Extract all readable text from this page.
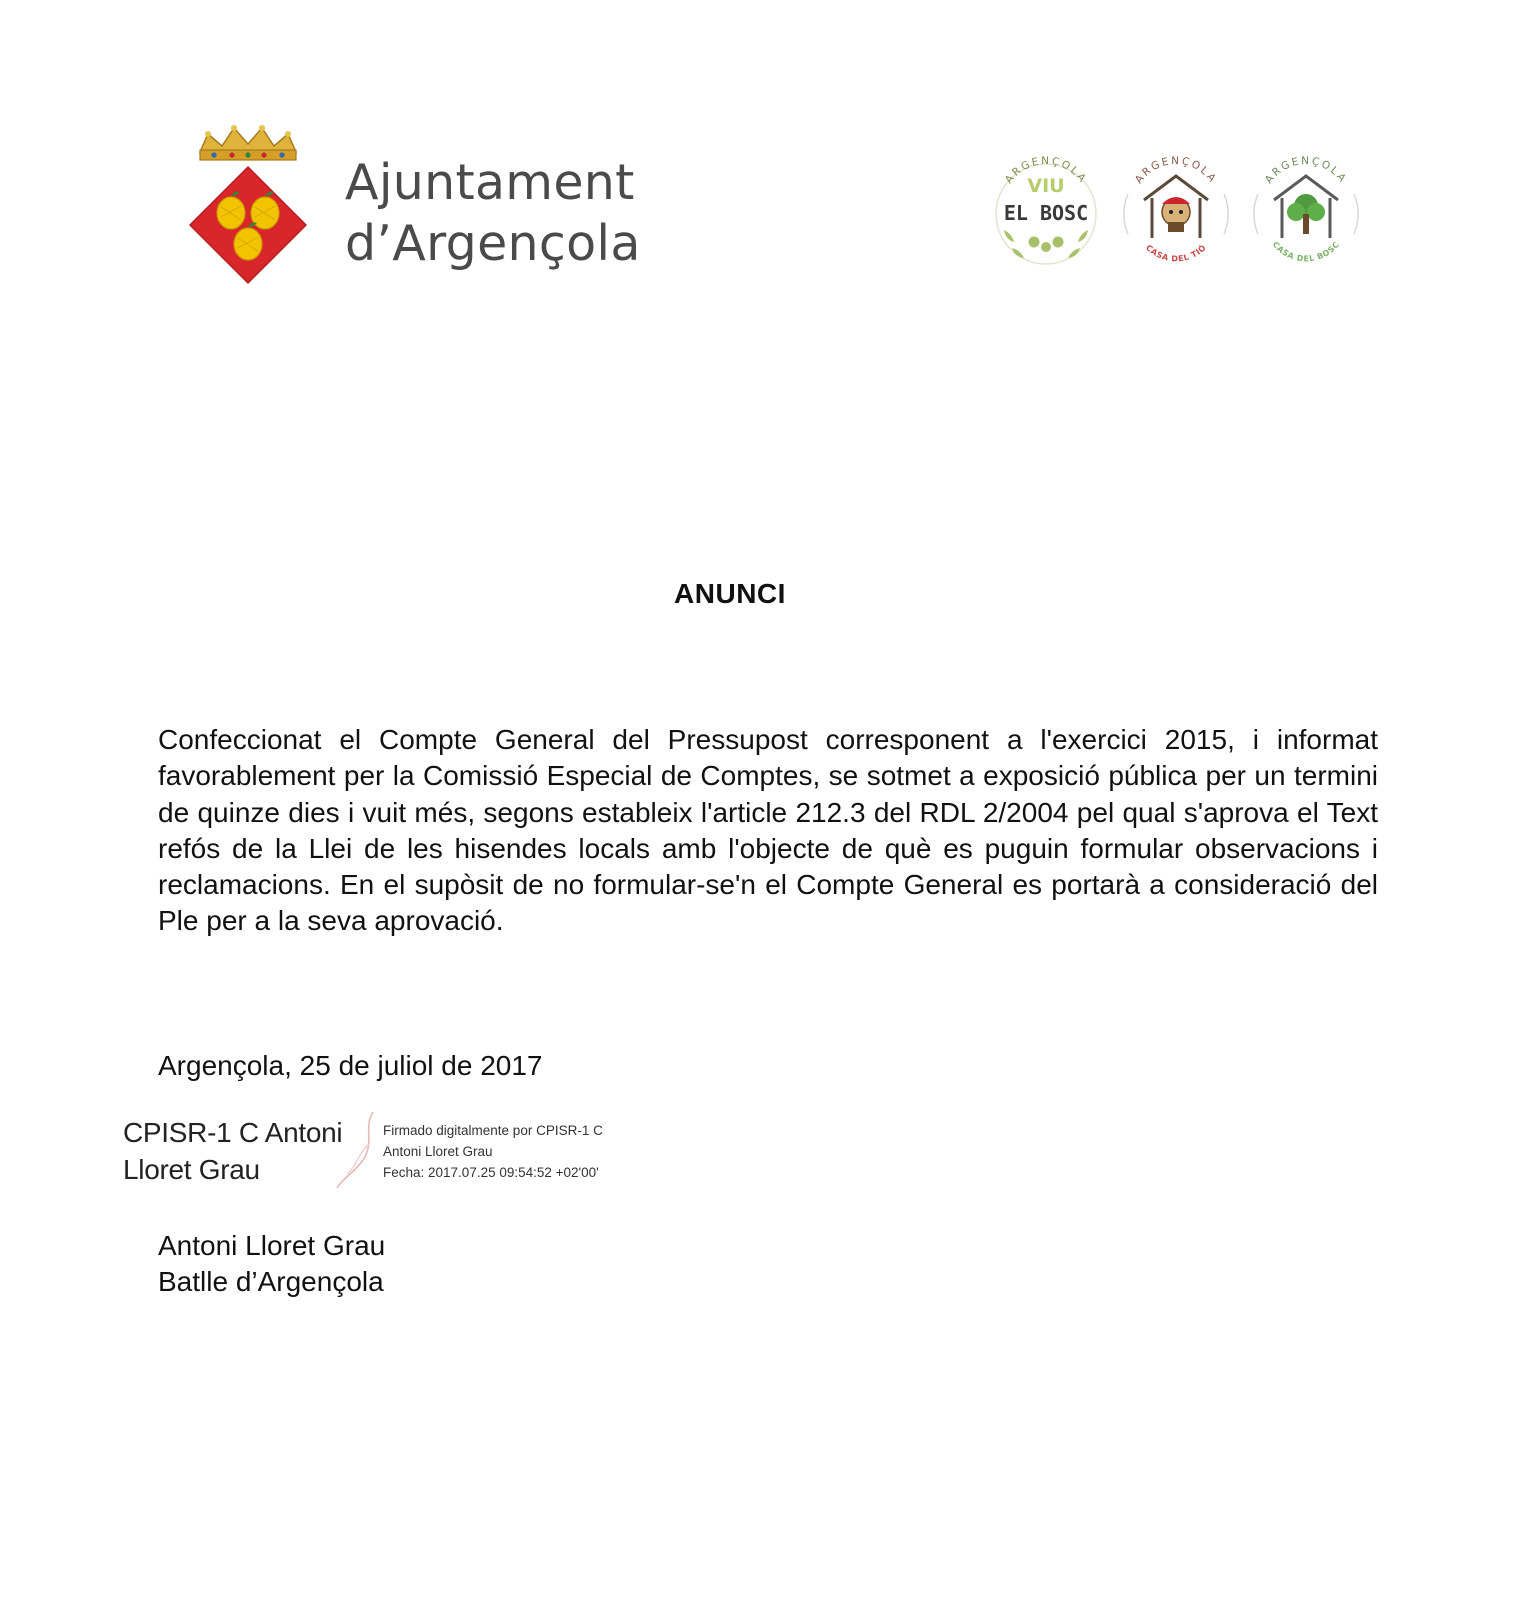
Ajuntament
d’Argençola
ARGENÇOLA
VIU
EL BOSC
ARGENÇOLA
CASA DEL TIÓ
ARGENÇOLA
CASA DEL BOSC
ANUNCI

Confeccionat el Compte General del Pressupost corresponent a l'exercici 2015, i informat favorablement per la Comissió Especial de Comptes, se sotmet a exposició pública per un termini de quinze dies i vuit més, segons estableix l'article 212.3 del RDL 2/2004 pel qual s'aprova el Text refós de la Llei de les hisendes locals amb l'objecte de què es puguin formular observacions i reclamacions. En el supòsit de no formular-se'n el Compte General es portarà a consideració del Ple per a la seva aprovació.

Argençola, 25 de juliol de 2017
CPISR-1 C Antoni
Lloret Grau
Firmado digitalmente por CPISR-1 C
Antoni Lloret Grau
Fecha: 2017.07.25 09:54:52 +02'00'
Antoni Lloret Grau
Batlle d’Argençola
